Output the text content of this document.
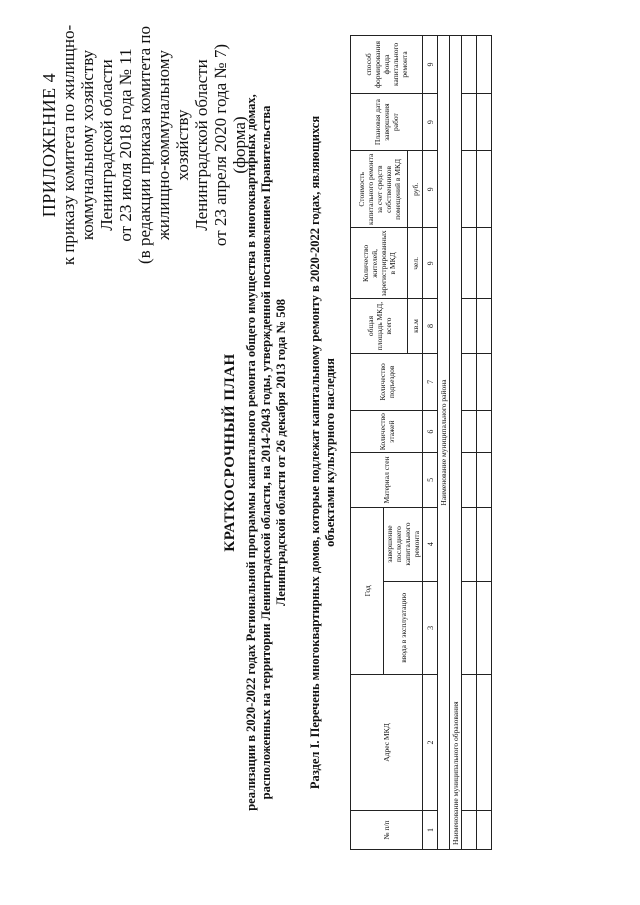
ПРИЛОЖЕНИЕ 4 к приказу комитета по жилищно- коммунальному хозяйству Ленинградской области от 23 июля 2018 года № 11 (в редакции приказа комитета по жилищно-коммунальному хозяйству Ленинградской области от 23 апреля 2020 года № 7) (форма)
КРАТКОСРОЧНЫЙ ПЛАН реализации в 2020-2022 годах Региональной программы капитального ремонта общего имущества в многоквартирных домах, расположенных на территории Ленинградской области, на 2014-2043 годы, утвержденной постановлением Правительства Ленинградской области от 26 декабря 2013 года № 508 Раздел I. Перечень многоквартирных домов, которые подлежат капитальному ремонту в 2020-2022 годах, являющихся объектами культурного наследия
№ п/п	Адрес МКД	Год		Материал стен	Количество этажей	Количество подъездов	общая площадь МКД, всего	Количество жителей, зарегистрированных в МКД	Стоимость капитального ремонта за счет средств собственников помещений в МКД	Плановая дата завершения работ	способ формирования фонда капитального ремонта
		ввода в эксплуатацию	завершение последнего капитального ремонта								
							кв.м	чел.	руб.		
1	2	3	4	5	6	7	8	9	9	9	9
Наименование муниципального района											
Наименование муниципального образования											
